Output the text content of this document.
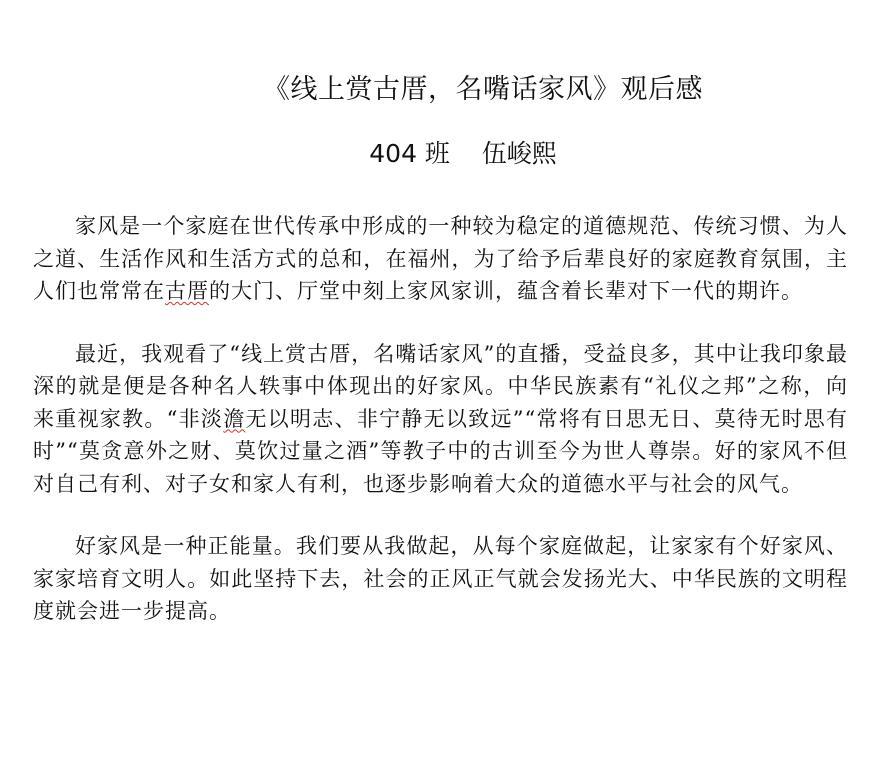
《线上赏古厝，名嘴话家风》观后感
404 班    伍峻熙

家风是一个家庭在世代传承中形成的一种较为稳定的道德规范、传统习惯、为人之道、生活作风和生活方式的总和，在福州，为了给予后辈良好的家庭教育氛围，主人们也常常在古厝的大门、厅堂中刻上家风家训，蕴含着长辈对下一代的期许。

最近，我观看了“线上赏古厝，名嘴话家风”的直播，受益良多，其中让我印象最深的就是便是各种名人轶事中体现出的好家风。中华民族素有“礼仪之邦”之称，向来重视家教。“非淡澹无以明志、非宁静无以致远”“常将有日思无日、莫待无时思有时”“莫贪意外之财、莫饮过量之酒”等教子中的古训至今为世人尊崇。好的家风不但对自己有利、对子女和家人有利，也逐步影响着大众的道德水平与社会的风气。

好家风是一种正能量。我们要从我做起，从每个家庭做起，让家家有个好家风、家家培育文明人。如此坚持下去，社会的正风正气就会发扬光大、中华民族的文明程度就会进一步提高。
